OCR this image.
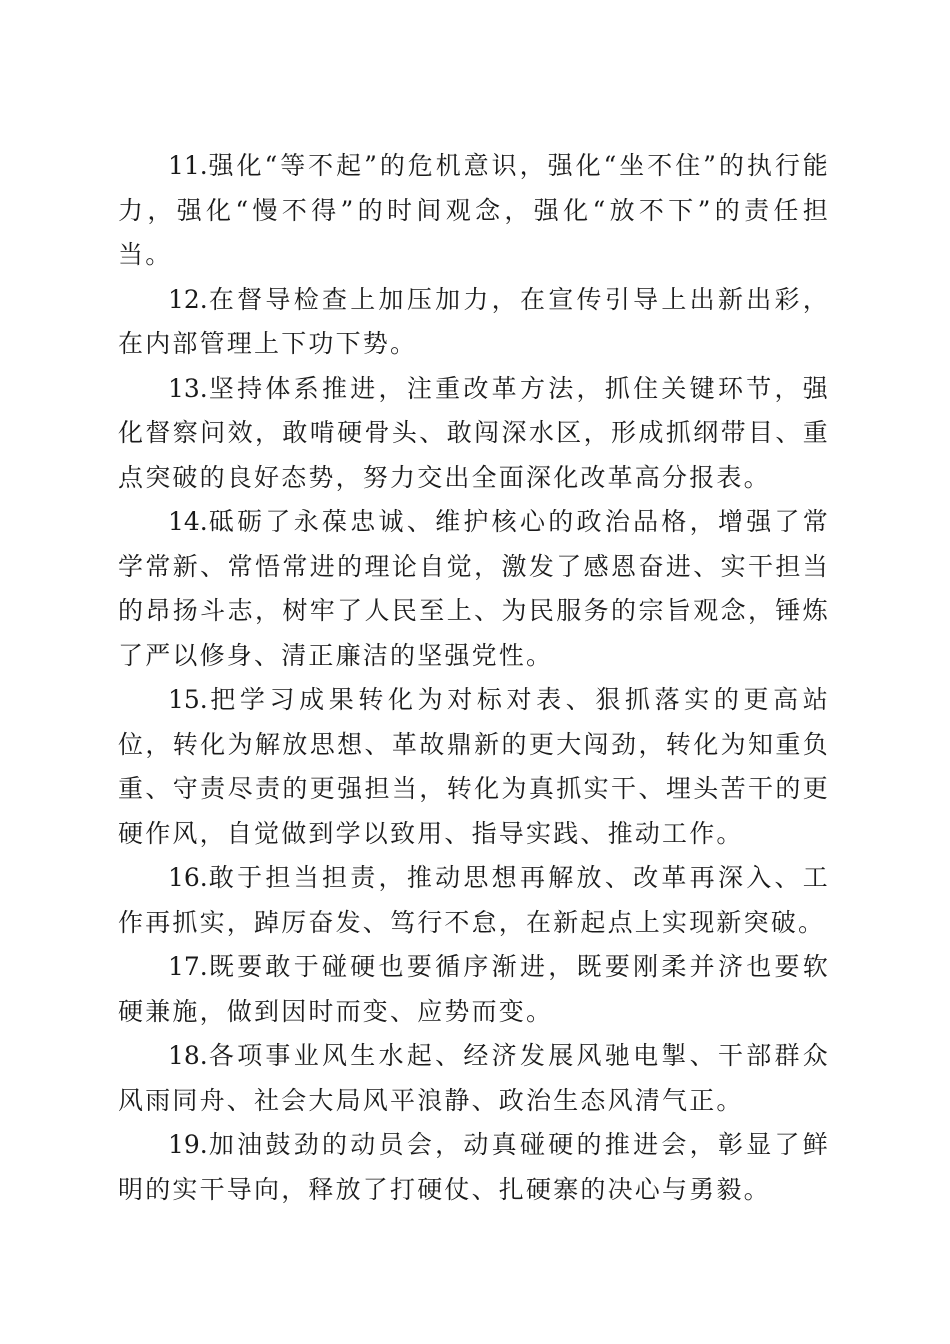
11.强化“等不起”的危机意识，强化“坐不住”的执行能力，强化“慢不得”的时间观念，强化“放不下”的责任担当。

12.在督导检查上加压加力，在宣传引导上出新出彩，在内部管理上下功下势。

13.坚持体系推进，注重改革方法，抓住关键环节，强化督察问效，敢啃硬骨头、敢闯深水区，形成抓纲带目、重点突破的良好态势，努力交出全面深化改革高分报表。

14.砥砺了永葆忠诚、维护核心的政治品格，增强了常学常新、常悟常进的理论自觉，激发了感恩奋进、实干担当的昂扬斗志，树牢了人民至上、为民服务的宗旨观念，锤炼了严以修身、清正廉洁的坚强党性。

15.把学习成果转化为对标对表、狠抓落实的更高站位，转化为解放思想、革故鼎新的更大闯劲，转化为知重负重、守责尽责的更强担当，转化为真抓实干、埋头苦干的更硬作风，自觉做到学以致用、指导实践、推动工作。

16.敢于担当担责，推动思想再解放、改革再深入、工作再抓实，踔厉奋发、笃行不怠，在新起点上实现新突破。

17.既要敢于碰硬也要循序渐进，既要刚柔并济也要软硬兼施，做到因时而变、应势而变。

18.各项事业风生水起、经济发展风驰电掣、干部群众风雨同舟、社会大局风平浪静、政治生态风清气正。

19.加油鼓劲的动员会，动真碰硬的推进会，彰显了鲜明的实干导向，释放了打硬仗、扎硬寨的决心与勇毅。
